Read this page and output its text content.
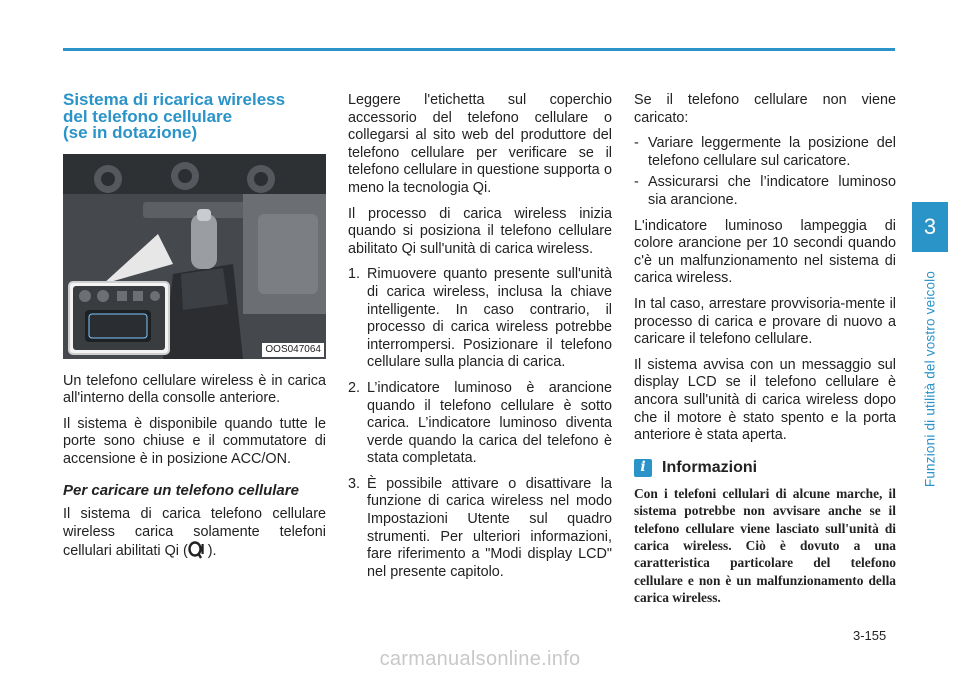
3
Funzioni di utilità del vostro veicolo
Sistema di ricarica wireless
del telefono cellulare
(se in dotazione)
OOS047064

Un telefono cellulare wireless è in carica all'interno della consolle anteriore.

Il sistema è disponibile quando tutte le porte sono chiuse e il commutatore di accensione è in posizione ACC/ON.

Per caricare un telefono cellulare

Il sistema di carica telefono cellulare wireless carica solamente telefoni cellulari abilitati Qi ( ).

Leggere l'etichetta sul coperchio accessorio del telefono cellulare o collegarsi al sito web del produttore del telefono cellulare per verificare se il telefono cellulare in questione supporta o meno la tecnologia Qi.

Il processo di carica wireless inizia quando si posiziona il telefono cellulare abilitato Qi sull'unità di carica wireless.

1. Rimuovere quanto presente sull'unità di carica wireless, inclusa la chiave intelligente. In caso contrario, il processo di carica wireless potrebbe interrompersi. Posizionare il telefono cellulare sulla plancia di carica.
2. L’indicatore luminoso è arancione quando il telefono cellulare è sotto carica. L’indicatore luminoso diventa verde quando la carica del telefono è stata completata.
3. È possibile attivare o disattivare la funzione di carica wireless nel modo Impostazioni Utente sul quadro strumenti. Per ulteriori informazioni, fare riferimento a "Modi display LCD" nel presente capitolo.

Se il telefono cellulare non viene caricato:

- Variare leggermente la posizione del telefono cellulare sul caricatore.
- Assicurarsi che l’indicatore luminoso sia arancione.

L'indicatore luminoso lampeggia di colore arancione per 10 secondi quando c'è un malfunzionamento nel sistema di carica wireless.

In tal caso, arrestare provvisoria-mente il processo di carica e provare di nuovo a caricare il telefono cellulare.

Il sistema avvisa con un messaggio sul display LCD se il telefono cellulare è ancora sull'unità di carica wireless dopo che il motore è stato spento e la porta anteriore è stata aperta.

i	Informazioni

Con i telefoni cellulari di alcune marche, il sistema potrebbe non avvisare anche se il telefono cellulare viene lasciato sull'unità di carica wireless. Ciò è dovuto a una caratteristica particolare del telefono cellulare e non è un malfunzionamento della carica wireless.

3-155
carmanualsonline.info
